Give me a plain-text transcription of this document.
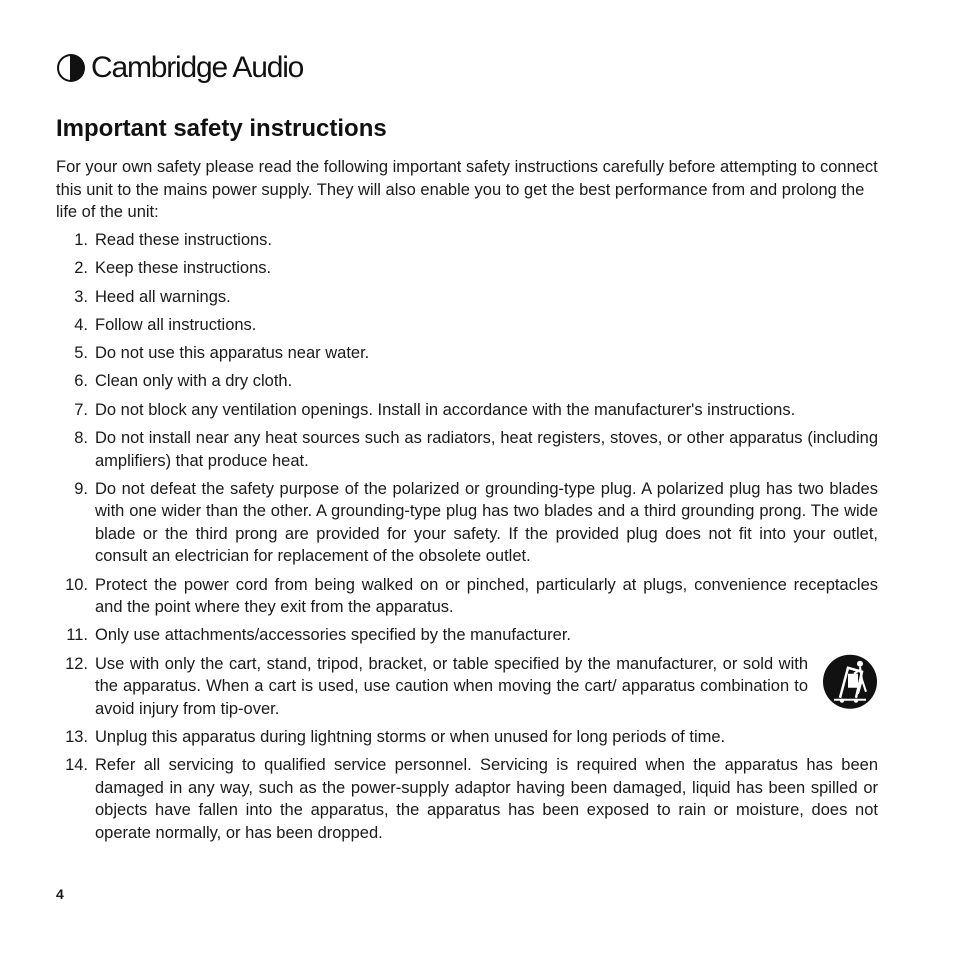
Cambridge Audio
Important safety instructions

For your own safety please read the following important safety instructions carefully before attempting to connect this unit to the mains power supply. They will also enable you to get the best performance from and prolong the life of the unit:

1. Read these instructions.
2. Keep these instructions.
3. Heed all warnings.
4. Follow all instructions.
5. Do not use this apparatus near water.
6. Clean only with a dry cloth.
7. Do not block any ventilation openings. Install in accordance with the manufacturer's instructions.
8. Do not install near any heat sources such as radiators, heat registers, stoves, or other apparatus (including amplifiers) that produce heat.
9. Do not defeat the safety purpose of the polarized or grounding-type plug. A polarized plug has two blades with one wider than the other. A grounding-type plug has two blades and a third grounding prong. The wide blade or the third prong are provided for your safety. If the provided plug does not fit into your outlet, consult an electrician for replacement of the obsolete outlet.
10. Protect the power cord from being walked on or pinched, particularly at plugs, convenience receptacles and the point where they exit from the apparatus.
11. Only use attachments/accessories specified by the manufacturer.
12. Use with only the cart, stand, tripod, bracket, or table specified by the manufacturer, or sold with the apparatus. When a cart is used, use caution when moving the cart/ apparatus combination to avoid injury from tip-over.
13. Unplug this apparatus during lightning storms or when unused for long periods of time.
14. Refer all servicing to qualified service personnel. Servicing is required when the apparatus has been damaged in any way, such as the power-supply adaptor having been damaged, liquid has been spilled or objects have fallen into the apparatus, the apparatus has been exposed to rain or moisture, does not operate normally, or has been dropped.
4
